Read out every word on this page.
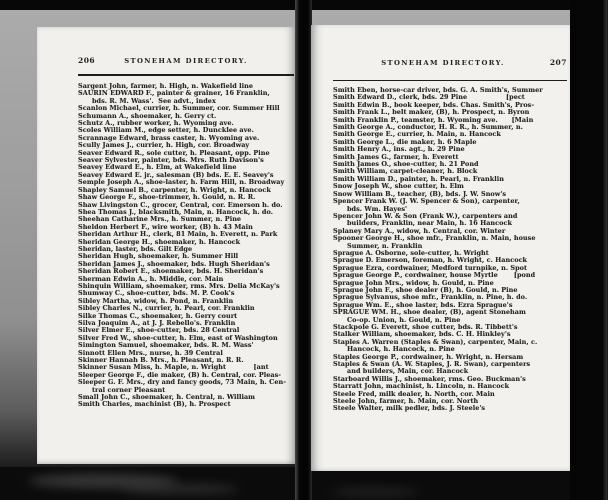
206	STONEHAM DIRECTORY.
Sargent John, farmer, h. High, n. Wakefield line
SAURIN EDWARD F., painter & grainer, 16 Franklin,
bds. R. M. Wass'.  See advt., index
Scanlon Michael, currier, h. Summer, cor. Summer Hill
Schumann A., shoemaker, h. Gerry ct.
Schutz A., rubber worker, h. Wyoming ave.
Scoles William M., edge setter, h. Duncklee ave.
Scrannage Edward, brass caster, h. Wyoming ave.
Scully James J., currier, h. High, cor. Broadway
Seaver Edward R., sole cutter, h. Pleasant, opp. Pine
Seaver Sylvester, painter, bds. Mrs. Ruth Davison's
Seavey Edward E., h. Elm, at Wakefield line
Seavey Edward E. jr., salesman (B) bds. E. E. Seavey's
Semple Joseph A., shoe-laster, h. Farm Hill, n. Broadway
Shapley Samuel B., carpenter, h. Wright, n. Hancock
Shaw George F., shoe-trimmer, h. Gould, n. R. R.
Shaw Livingston C., grocer, Central, cor. Emerson h. do.
Shea Thomas J., blacksmith, Main, n. Hancock, h. do.
Sheehan Catharine Mrs., h. Summer, n. Pine
Sheldon Herbert F., wire worker, (B) h. 43 Main
Sheridan Arthur H., clerk, 81 Main, h. Everett, n. Park
Sheridan George H., shoemaker, h. Hancock
Sheridan, laster, bds. Gilt Edge
Sheridan Hugh, shoemaker, h. Summer Hill
Sheridan James J., shoemaker, bds. Hugh Sheridan's
Sheridan Robert E., shoemaker, bds. H. Sheridan's
Sherman Edwin A., h. Middle, cor. Main
Shinquin William, shoemaker, rms. Mrs. Delia McKay's
Shumway C., shoe-cutter, bds. M. P. Cook's
Sibley Martha, widow, h. Pond, n. Franklin
Sibley Charles N., currier, h. Pearl, cor. Franklin
Silke Thomas C., shoemaker, h. Gerry court
Silva Joaquim A., at J. J. Rebello's. Franklin
Silver Elmer E., shoe-cutter, bds. 28 Central
Silver Fred W., shoe-cutter, h. Elm, east of Washington
Simington Samuel, shoemaker, bds. R. M. Wass'
Sinnott Ellen Mrs., nurse, h. 39 Central
Skinner Hannah B. Mrs., h. Pleasant, n. R. R.
Skinner Susan Miss, h. Maple, n. Wright            [ant
Sleeper George F., die maker, (B) h. Central, cor. Pleas-
Sleeper G. F. Mrs., dry and fancy goods, 73 Main, h. Cen-
tral corner Pleasant
Small John C., shoemaker, h. Central, n. William
Smith Charles, machinist (B), h. Prospect
STONEHAM DIRECTORY.	207
Smith Eben, horse-car driver, bds. G. A. Smith's, Summer
Smith Edward D., clerk, bds. 29 Pine                 [pect
Smith Edwin B., book keeper, bds. Chas. Smith's, Pros-
Smith Frank L., belt maker, (B), h. Prospect, n. Byron
Smith Franklin P., teamster, h. Wyoming ave.      [Main
Smith George A., conductor, H. R. R., h. Summer, n.
Smith George E., currier, h. Main, n. Hancock
Smith George L., die maker, h. 6 Maple
Smith Henry A., ins. agt., h. 29 Pine
Smith James G., farmer, h. Everett
Smith James O., shoe-cutter, h. 21 Pond
Smith William, carpet-cleaner, h. Block
Smith William D., painter, h. Pearl, n. Franklin
Snow Joseph W., shoe cutter, h. Elm
Snow William B., teacher, (B), bds. J. W. Snow's
Spencer Frank W. (J. W. Spencer & Son), carpenter,
bds. Wm. Hayes'
Spencer John W. & Son (Frank W.), carpenters and
builders, Franklin, near Main, h. 16 Hancock
Splaney Mary A., widow, h. Central, cor. Winter
Spooner George H., shoe mfr., Franklin, n. Main, house
Summer, n. Franklin
Sprague A. Osborne, sole-cutter, h. Wright
Sprague D. Emerson, foreman, h. Wright, c. Hancock
Sprague Ezra, cordwainer, Medford turnpike, n. Spot
Sprague George P., cordwainer, house Myrtle       [pond
Sprague John Mrs., widow, h. Gould, n. Pine
Sprague John F., shoe dealer (B), h. Gould, n. Pine
Sprague Sylvanus, shoe mfr., Franklin, n. Pine, h. do.
Sprague Wm. E., shoe laster, bds. Ezra Sprague's
SPRAGUE WM. H., shoe dealer, (B), agent Stoneham
Co-op. Union, h. Gould, n. Pine
Stackpole G. Everett, shoe cutter, bds. R. Tibbett's
Stalker William, shoemaker, bds. C. H. Hinkley's
Staples A. Warren (Staples & Swan), carpenter, Main, c.
Hancock, h. Hancock, n. Pine
Staples George P., cordwainer, h. Wright, n. Hersam
Staples & Swan (A. W. Staples, J. R. Swan), carpenters
and builders, Main, cor. Hancock
Starboard Willis J., shoemaker, rms. Geo. Buckman's
Starratt John, machinist, h. Lincoln, n. Hancock
Steele Fred, milk dealer, h. North, cor. Main
Steele John, farmer, h. Main, cor. North
Steele Walter, milk pedler, bds. J. Steele's
